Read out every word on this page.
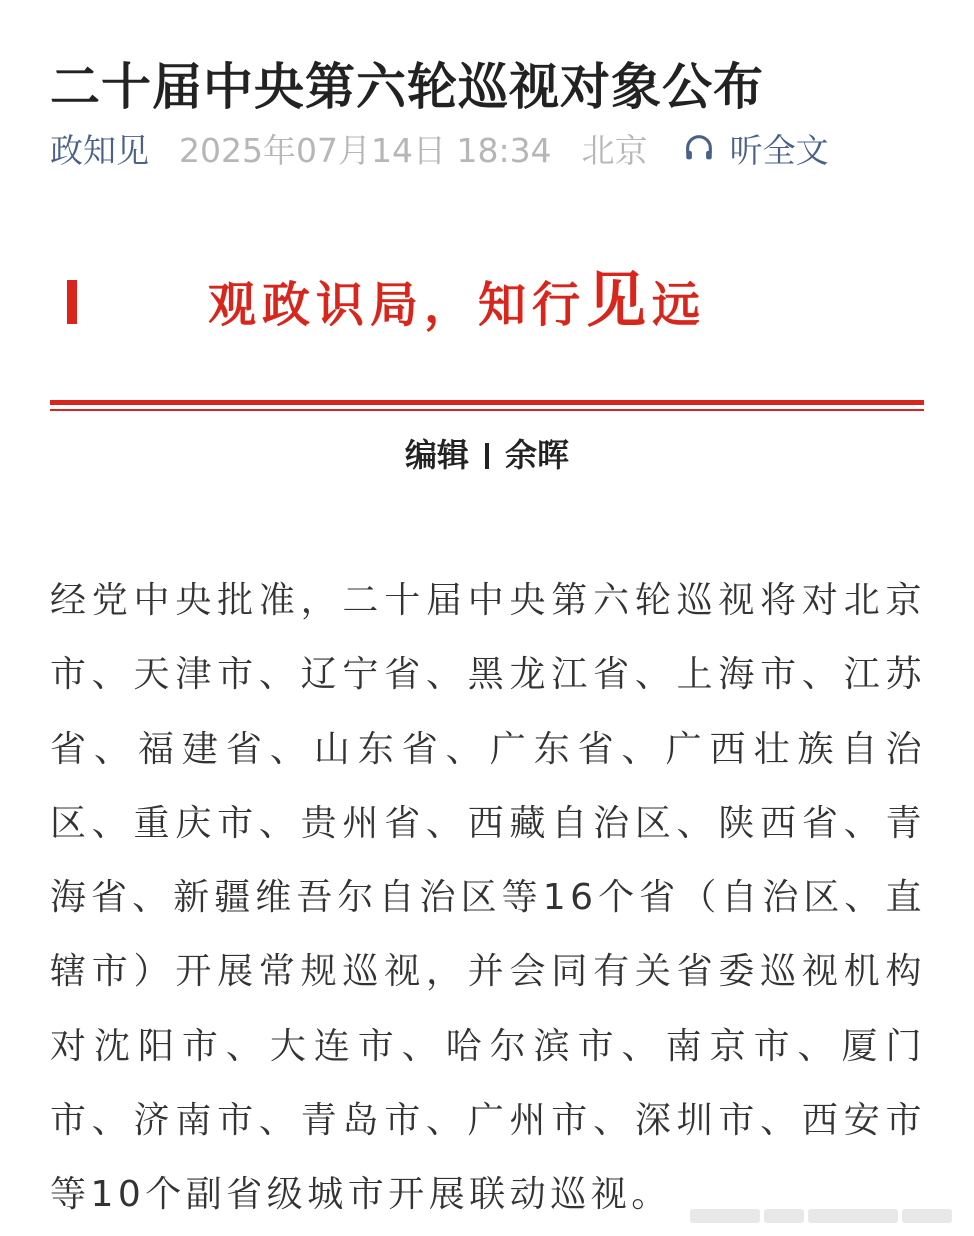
二十届中央第六轮巡视对象公布
政知见 2025年07月14日 18:34 北京 听全文
观政识局，知行见远
编辑 余晖

经党中央批准，二十届中央第六轮巡视将对北京市、天津市、辽宁省、黑龙江省、上海市、江苏省、福建省、山东省、广东省、广西壮族自治区、重庆市、贵州省、西藏自治区、陕西省、青海省、新疆维吾尔自治区等16个省（自治区、直辖市）开展常规巡视，并会同有关省委巡视机构对沈阳市、大连市、哈尔滨市、南京市、厦门市、济南市、青岛市、广州市、深圳市、西安市等10个副省级城市开展联动巡视。
